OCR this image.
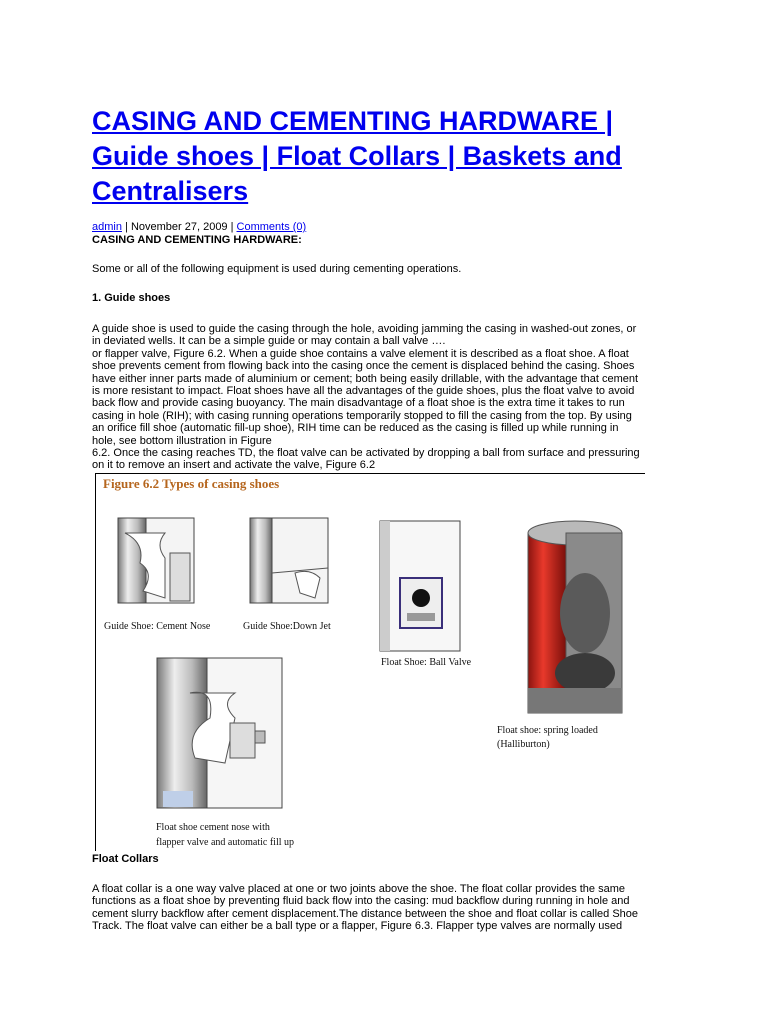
CASING AND CEMENTING HARDWARE | Guide shoes | Float Collars | Baskets and Centralisers
admin | November 27, 2009 | Comments (0)
CASING AND CEMENTING HARDWARE:
Some or all of the following equipment is used during cementing operations.
1. Guide shoes
A guide shoe is used to guide the casing through the hole, avoiding jamming the casing in washed-out zones, or
in deviated wells. It can be a simple guide or may contain a ball valve ….
or flapper valve, Figure 6.2. When a guide shoe contains a valve element it is described as a float shoe. A float
shoe prevents cement from flowing back into the casing once the cement is displaced behind the casing. Shoes
have either inner parts made of aluminium or cement; both being easily drillable, with the advantage that cement
is more resistant to impact. Float shoes have all the advantages of the guide shoes, plus the float valve to avoid
back flow and provide casing buoyancy. The main disadvantage of a float shoe is the extra time it takes to run
casing in hole (RIH); with casing running operations temporarily stopped to fill the casing from the top. By using
an orifice fill shoe (automatic fill-up shoe), RIH time can be reduced as the casing is filled up while running in
hole, see bottom illustration in Figure
6.2. Once the casing reaches TD, the float valve can be activated by dropping a ball from surface and pressuring
on it to remove an insert and activate the valve, Figure 6.2
Figure 6.2 Types of casing shoes
Guide Shoe: Cement Nose	Guide Shoe:Down Jet
Float Shoe: Ball Valve
Float shoe: spring loaded
(Halliburton)
Float shoe cement nose with
flapper valve and automatic fill up
Float Collars
A float collar is a one way valve placed at one or two joints above the shoe. The float collar provides the same
functions as a float shoe by preventing fluid back flow into the casing: mud backflow during running in hole and
cement slurry backflow after cement displacement.The distance between the shoe and float collar is called Shoe
Track. The float valve can either be a ball type or a flapper, Figure 6.3. Flapper type valves are normally used
